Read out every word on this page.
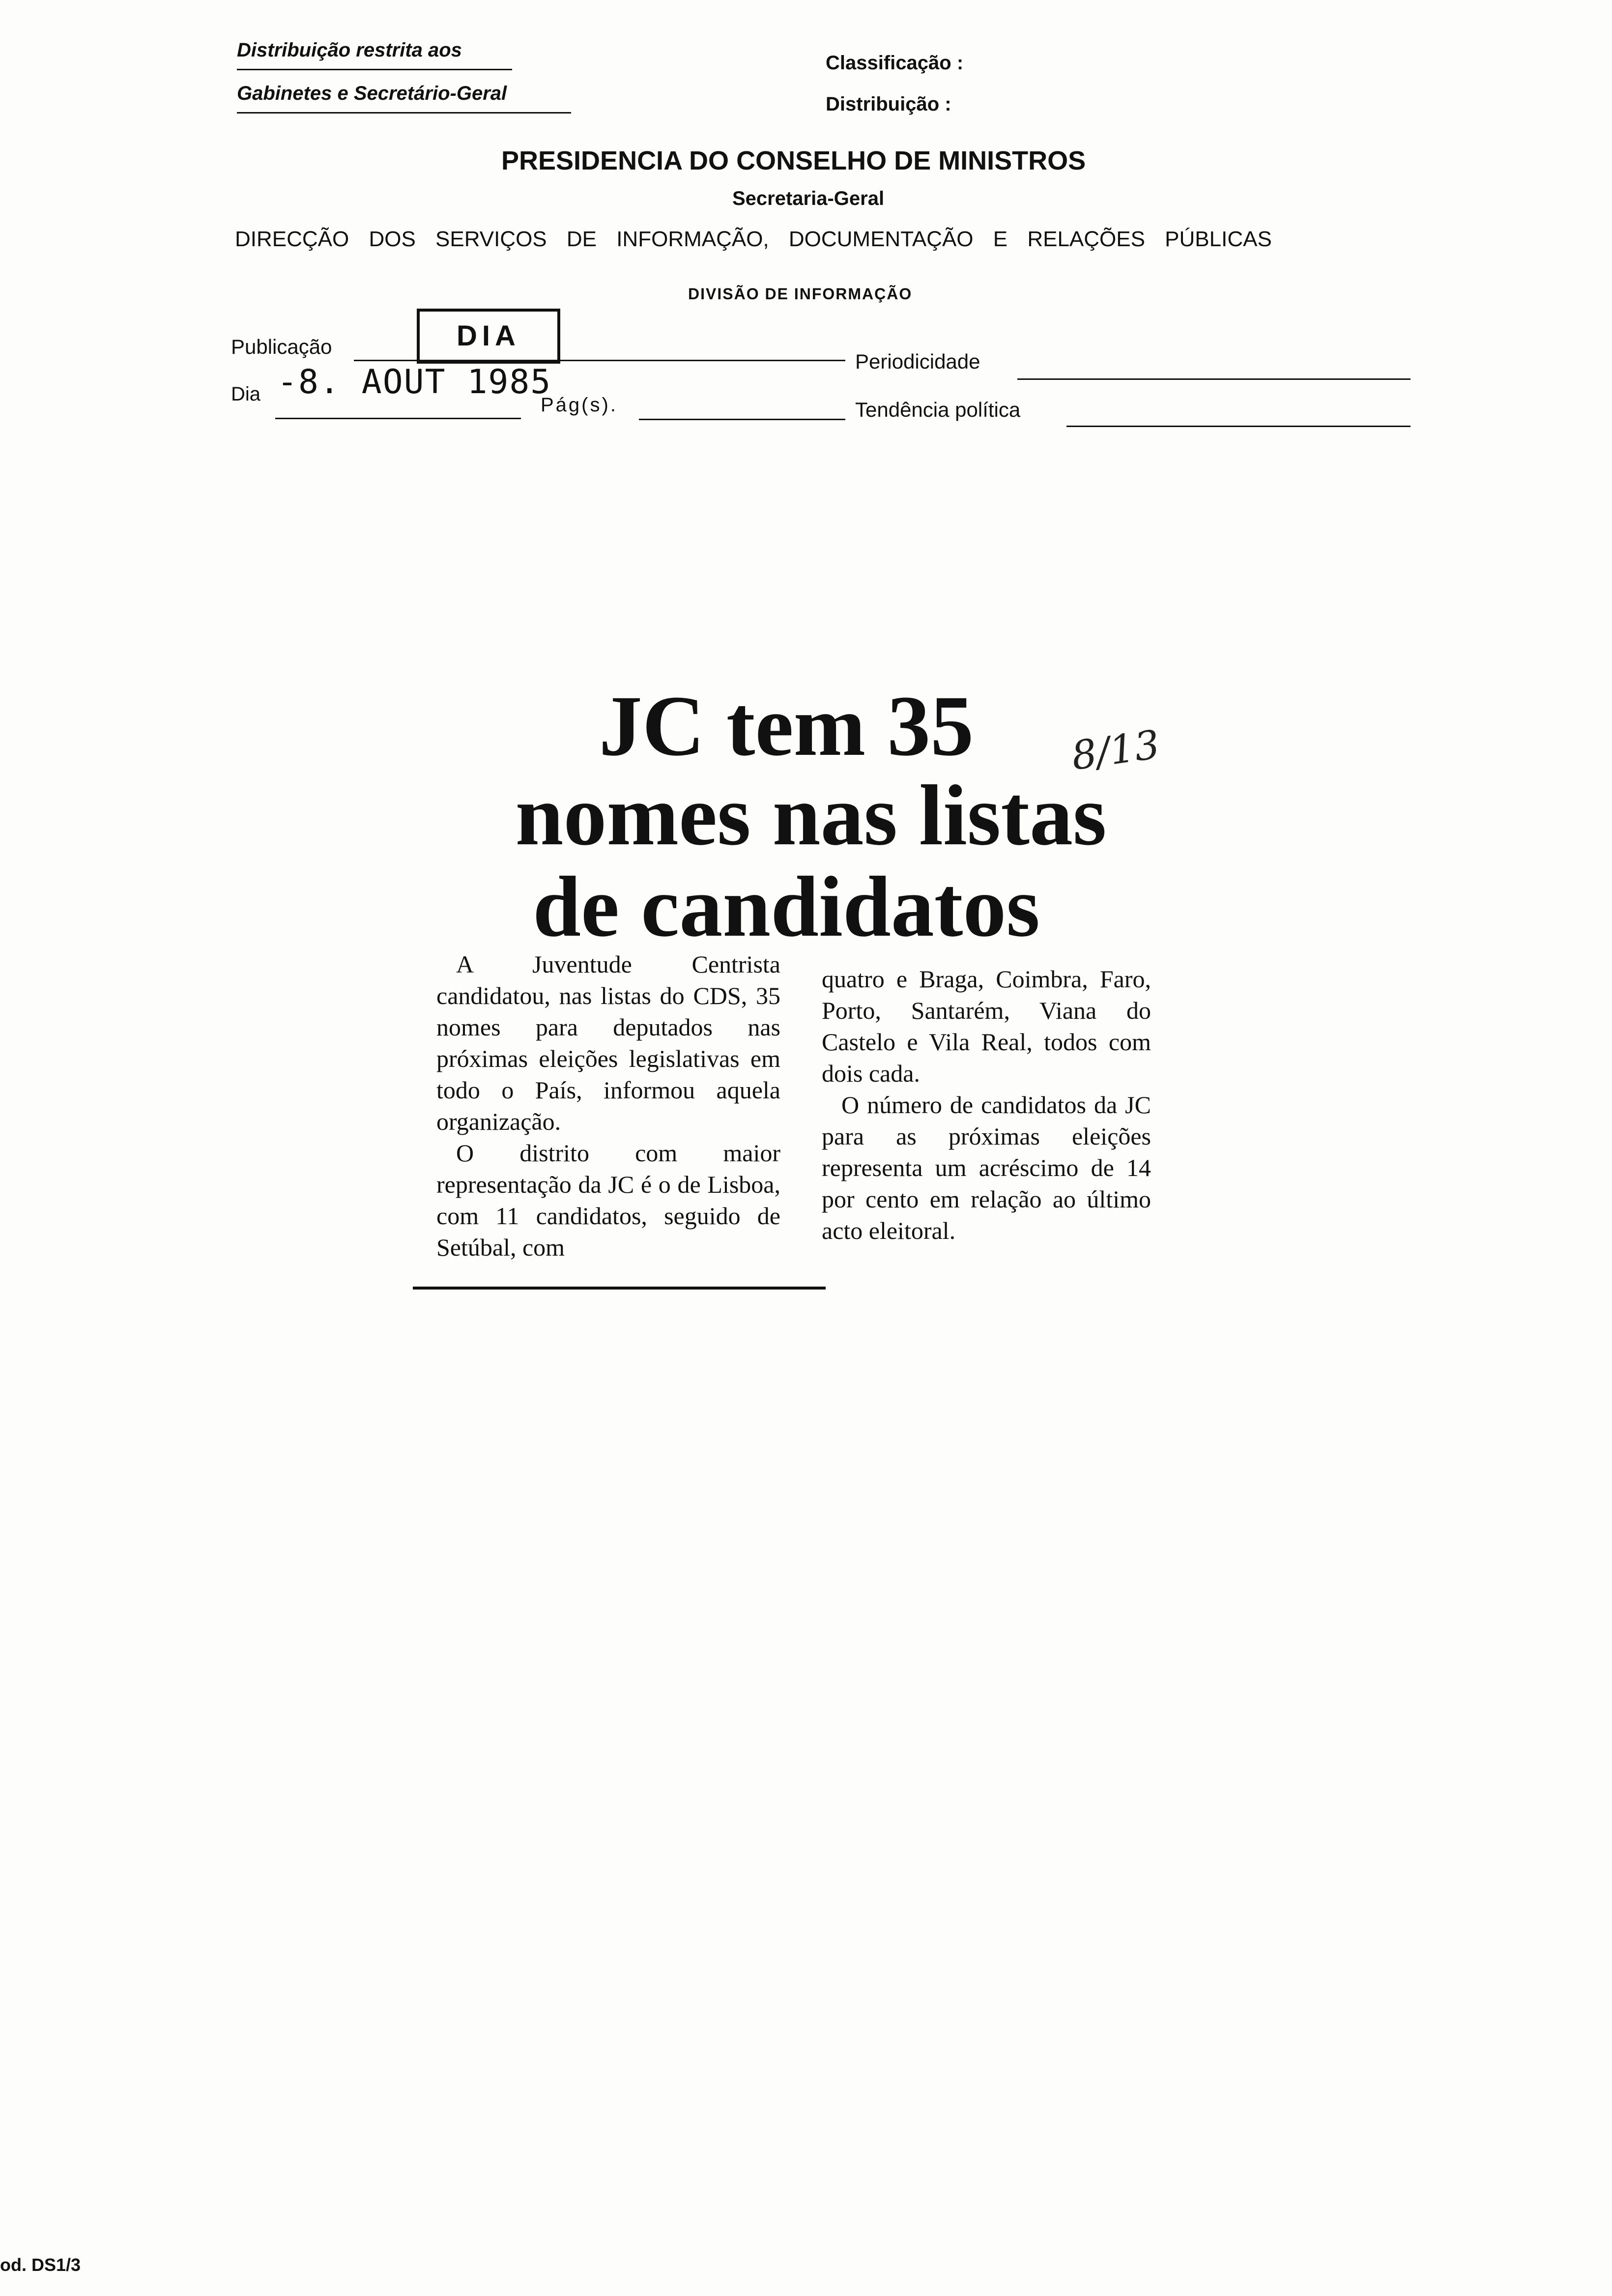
Distribuição restrita aos
Gabinetes e Secretário-Geral
Classificação :
Distribuição :
PRESIDENCIA DO CONSELHO DE MINISTROS
Secretaria-Geral
DIRECÇÃO DOS SERVIÇOS DE INFORMAÇÃO, DOCUMENTAÇÃO E RELAÇÕES PÚBLICAS
DIVISÃO DE INFORMAÇÃO
Publicação	DIA
Periodicidade
Dia -8. AOUT 1985
Pág(s).	Tendência política
JC tem 35
nomes nas listas
de candidatos
8/13

A Juventude Centrista candidatou, nas listas do CDS, 35 nomes para deputados nas próximas eleições legislativas em todo o País, informou aquela organização.

O distrito com maior representação da JC é o de Lisboa, com 11 candidatos, seguido de Setúbal, com

quatro e Braga, Coimbra, Faro, Porto, Santarém, Viana do Castelo e Vila Real, todos com dois cada.

O número de candidatos da JC para as próximas eleições representa um acréscimo de 14 por cento em relação ao último acto eleitoral.

od. DS1/3
